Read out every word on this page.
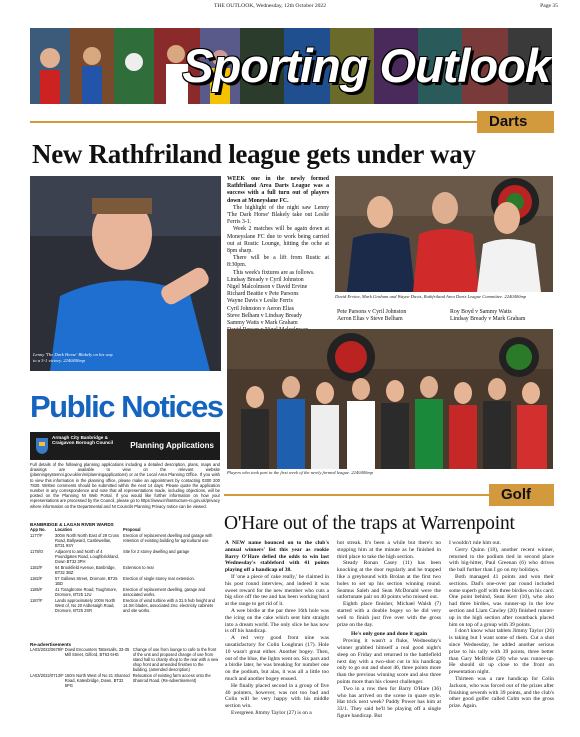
THE OUTLOOK, Wednesday, 12th October 2022	Page 35
Sporting Outlook
Darts
New Rathfriland league gets under way
Lenny 'The Dark Horse' Blakely on his way to a 3-1 victory. 2240400mp

WEEK one in the newly formed Rathfriland Area Darts League was a success with a full turn out of players down at Moneyslane FC.

The highlight of the night saw Lenny 'The Dark Horse' Blakely take out Leslie Ferris 3-1.

Week 2 matches will be again down at Moneyslane FC due to work being carried out at Rustic Lounge, hitting the oche at 8pm sharp.

There will be a lift from Rustic at 8:30pm.

This week's fixtures are as follows.

Lindsay Bready v Cyril Johnston
Nigel Malcolmson v David Ervine
Richard Beattie v Pete Parsons
Wayne Davis v Leslie Ferris
Cyril Johnston v Aeron Elias
Steve Belham v Lindsay Bready
Sammy Watts v Mark Graham
David Ervine, Mark Graham and Wayne Davis, Rathfriland Area Darts League Committee. 2240400mp
Pete Parsons v Cyril Johnston
Aeron Elias v Steve Belham
Roy Boyd v Sammy Watts
Lindsay Bready v Mark Graham
Players who took part in the first week of the newly formed league. 2240400mp
Public Notices
Armagh City Banbridge & Craigavon Borough Council	Planning Applications
Full details of the following planning applications including a detailed description, plans, maps and drawings are available to view on the relevant website (planningsystemni.gov.uk/en/ni/planningapplications) or at the Local Area Planning Office. If you wish to view this information in the planning office, please make an appointment by contacting 0300 200 7830. Written comments should be submitted within the next 14 days. Please quote the application number in any correspondence and note that all representations made, including objections, will be posted on the Planning NI Web Portal. If you would like further information on how your representations are processed by the Council, please go to https://www.infrastructure-ni.gov.uk/privacy where information on the Departmental and NI Councils Planning Privacy notice can be viewed.
BANBRIDGE & LAGAN RIVER WARDS
App No.	Location	Proposal
1177/F	300m North North East of 29 Cross Road, Ballyward, Castlewellan, BT31 9SY	Erection of replacement dwelling and garage with retention of existing building for agricultural use
1178/O	Adjacent to and North of 4 Poundgates Road, Loughbrickland, Down BT32 3PH	Site for 2 storey dwelling and garage
1182/F	64 Brookfield Avenue, Banbridge, BT32 3BZ	Extension to rear
1182/F	57 Gallows Street, Dromore, BT25 1BD	Erection of single storey rear extension.
1185/F	41 Toragbrome Road, Toughmore, Dromore, BT25 1JU	Erection of replacement dwelling, garage and associated works.
1187/F	Lands approximately 100m North West of, No 20 Ardtesaigh Road, Dromore, BT25 2SR	Erection of wind turbine with a 31.5 hub height and 14.0m blades, associated 2no. electricity cabinets and site works.
Re-advertisements
LA03/2022/0678/F	Dowd Encounters Tattersalls, 33-35 Mill Street, Gilford, BT63 6HG	Change of use from lounge to cafe to the front of the unit and proposed change of use from stand hall to charity shop to the rear with a new shop front and amended finishes to the building. (amended description)
LA03/2022/0713/F	150m North West of No 21 Shanrod Road, Katesbridge, Down, BT32 5PG	Relocation of existing farm access onto the Shanrod Road. (Re-advertisement)
Golf
O'Hare out of the traps at Warrenpoint

A NEW name bounced on to the club's annual winners' list this year as rookie Barry O'Hare defied the odds to win last Wednesday's stableford with 41 points playing off a handicap of 38.

If 'one a piece of cake really,' he claimed in his post round interview, and indeed it was sweet reward for the new member who cuts a big slice off the tee and has been working hard at the range to get rid of it.

A wee birdie at the par three 16th hole was the icing on the cake which sent him straight into a dream world. The only slice he has now is off his handicap.

A red very good front nine was unsatisfactory for Colin Loughran (17). Hole 10 wasn't great either. Another bogey. Then, out of the blue, the lights went on. Six pars and a birdie later, he was breaking for number one on the podium, but alas, it was all a little too much and another bogey ensued.

He finally placed second in a group of five 40 pointers, however, was not too bad and Colin will be very happy with his middle section win.

Evergreen Jimmy Taylor (27) is on a

hot streak. It's been a while but there's no stopping him at the minute as he finished in third place to take the high section.

Steady Ronan Casey (11) has been knocking at the door regularly and he trapped like a greyhound with Brolan at the first two holes to set up his section winning round. Seamus Saleh and Sean McDonald were the unfortunate pair on 40 points who missed out.

Eighth place finisher, Michael Walsh (7) started with a double bogey so he did very well to finish just five over with the gross prize on the day.

He's only gone and done it again

Proving it wasn't a fluke, Wednesday's winner grabbed himself a real good night's sleep on Friday and returned to the battlefield next day with a two-shot cut in his handicap only to go out and shoot 46, three points more than the previous winning score and also three points more than his closest challenger.

Two in a row then for Barry O'Hare (36) who has arrived on the scene in quare style. Hat trick next week? Paddy Power has him at 33/1. They said he'll be playing off a single figure handicap. But

I wouldn't rule him out.

Gerry Quinn (18), another recent winner, returned to the podium tied in second place with big-hitter, Paul Greenan (6) who drives the ball further than I go on my holidays.

Both managed 41 points and won their sections. Dad's one-over par round included some superb golf with three birdies on his card. One point behind, Sean Kerr (10), who also had three birdies, was runner-up in the low section and Liam Cawley (20) finished runner-up in the high section after countback placed him on top of a group with 39 points.

I don't know what tablets Jimmy Taylor (26) is taking but I want some of them. Cut a shot since Wednesday, he added another serious prize to his tally with 39 points, three better than Gary McBride (28) who was runner-up. He should sit up close to the front on presentation night.

Thirteen was a rare handicap for Colin Jackson, who was forced out of the prizes after finishing seventh with 39 points, and the club's other good golfer called Colm won the gross prize. Again.
